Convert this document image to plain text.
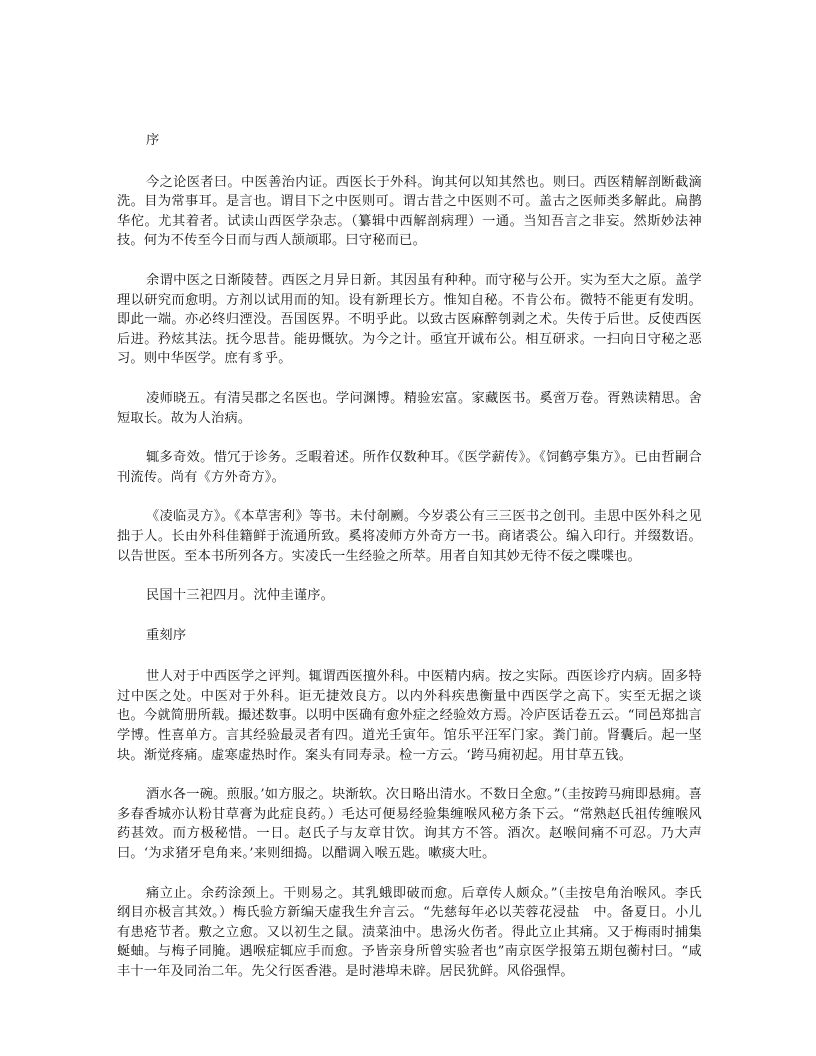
序

今之论医者曰。中医善治内证。西医长于外科。询其何以知其然也。则曰。西医精解剖断截滴洗。目为常事耳。是言也。谓目下之中医则可。谓古昔之中医则不可。盖古之医师类多解此。扁鹊华佗。尤其着者。试读山西医学杂志。（纂辑中西解剖病理）一通。当知吾言之非妄。然斯妙法神技。何为不传至今日而与西人颉颃耶。曰守秘而已。

余谓中医之日渐陵替。西医之月异日新。其因虽有种种。而守秘与公开。实为至大之原。盖学理以研究而愈明。方剂以试用而的知。设有新理长方。惟知自秘。不肯公布。微特不能更有发明。即此一端。亦必终归湮没。吾国医界。不明乎此。以致古医麻醉刳剥之术。失传于后世。反使西医后进。矜炫其法。抚今思昔。能毋慨欤。为今之计。亟宜开诚布公。相互研求。一扫向日守秘之恶习。则中华医学。庶有豸乎。

凌师晓五。有清吴郡之名医也。学问渊博。精验宏富。家藏医书。奚啻万卷。胥熟读精思。舍短取长。故为人治病。

辄多奇效。惜冗于诊务。乏暇着述。所作仅数种耳。《医学薪传》。《饲鹤亭集方》。已由哲嗣合刊流传。尚有《方外奇方》。

《凌临灵方》。《本草害利》等书。未付剞劂。今岁裘公有三三医书之创刊。圭思中医外科之见拙于人。长由外科佳籍鲜于流通所致。奚将凌师方外奇方一书。商诸裘公。编入印行。并缀数语。以告世医。至本书所列各方。实凌氏一生经验之所萃。用者自知其妙无待不佞之喋喋也。

民国十三祀四月。沈仲圭谨序。

重刻序

世人对于中西医学之评判。辄谓西医擅外科。中医精内病。按之实际。西医诊疗内病。固多特过中医之处。中医对于外科。讵无捷效良方。以内外科疾患衡量中西医学之高下。实至无据之谈也。今就简册所载。撮述数事。以明中医确有愈外症之经验效方焉。冷庐医话卷五云。“同邑郑拙言学博。性喜单方。言其经验最灵者有四。道光壬寅年。馆乐平汪军门家。粪门前。肾囊后。起一坚块。渐觉疼痛。虚寒虚热时作。案头有同寿录。检一方云。‘跨马痈初起。用甘草五钱。

酒水各一碗。煎服。’如方服之。块渐软。次日略出清水。不数日全愈。”（圭按跨马痈即悬痈。喜多春香城亦认粉甘草膏为此症良药。）毛达可便易经验集缠喉风秘方条下云。“常熟赵氏祖传缠喉风药甚效。而方极秘惜。一日。赵氏子与友章甘饮。询其方不答。酒次。赵喉间痛不可忍。乃大声曰。‘为求猪牙皂角来。’来则细捣。以醋调入喉五匙。嗽痰大吐。

痛立止。余药涂颈上。干则易之。其乳蛾即破而愈。后章传人颇众。”（圭按皂角治喉风。李氏纲目亦极言其效。）梅氏验方新编天虚我生弁言云。“先慈每年必以芙蓉花浸盐　中。备夏日。小儿有患疮节者。敷之立愈。又以初生之鼠。渍菜油中。患汤火伤者。得此立止其痛。又于梅雨时捕集蜒蚰。与梅子同腌。遇喉症辄应手而愈。予皆亲身所曾实验者也”南京医学报第五期包蘅村曰。“咸丰十一年及同治二年。先父行医香港。是时港埠未辟。居民犹鲜。风俗强悍。
